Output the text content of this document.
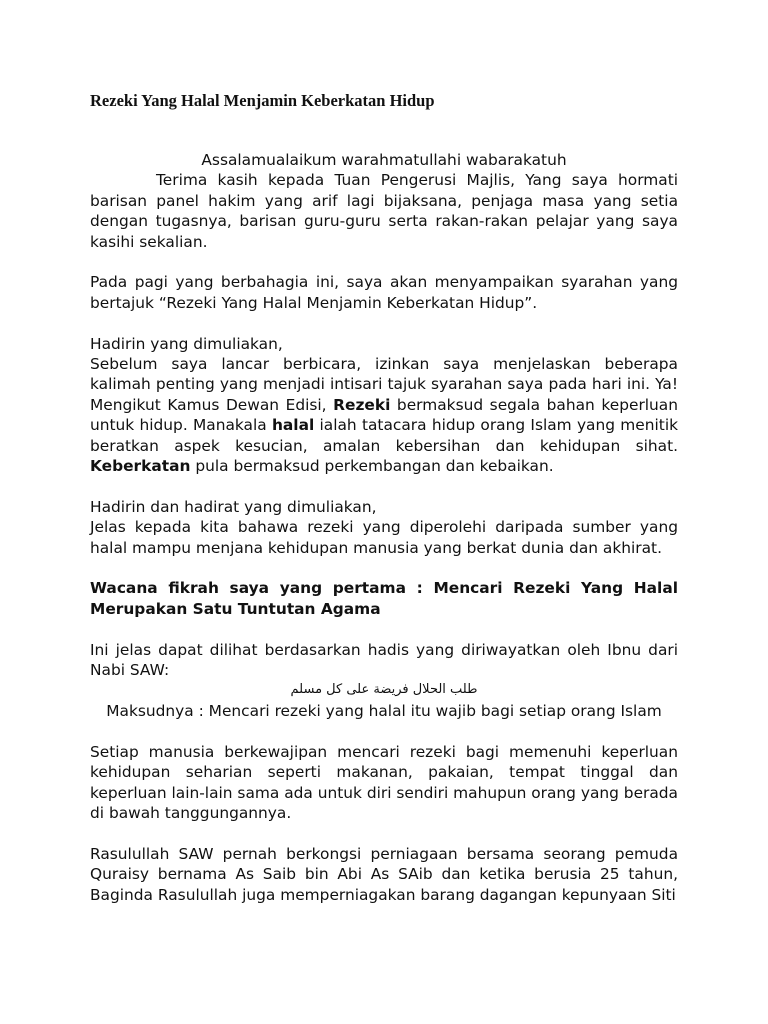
Rezeki Yang Halal Menjamin Keberkatan Hidup

Assalamualaikum warahmatullahi wabarakatuh

Terima kasih kepada Tuan Pengerusi Majlis, Yang saya hormati barisan panel hakim yang arif lagi bijaksana, penjaga masa yang setia dengan tugasnya, barisan guru-guru serta rakan-rakan pelajar yang saya kasihi sekalian.

Pada pagi yang berbahagia ini, saya akan menyampaikan syarahan yang bertajuk “Rezeki Yang Halal Menjamin Keberkatan Hidup”.

Hadirin yang dimuliakan,

Sebelum saya lancar berbicara, izinkan saya menjelaskan beberapa kalimah penting yang menjadi intisari tajuk syarahan saya pada hari ini. Ya! Mengikut Kamus Dewan Edisi, Rezeki bermaksud segala bahan keperluan untuk hidup. Manakala halal ialah tatacara hidup orang Islam yang menitik beratkan aspek kesucian, amalan kebersihan dan kehidupan sihat. Keberkatan pula bermaksud perkembangan dan kebaikan.

Hadirin dan hadirat yang dimuliakan,

Jelas kepada kita bahawa rezeki yang diperolehi daripada sumber yang halal mampu menjana kehidupan manusia yang berkat dunia dan akhirat.

Wacana fikrah saya yang pertama : Mencari Rezeki Yang Halal Merupakan Satu Tuntutan Agama

Ini jelas dapat dilihat berdasarkan hadis yang diriwayatkan oleh Ibnu dari Nabi SAW:

طلب الحلال فريضة على كل مسلم

Maksudnya : Mencari rezeki yang halal itu wajib bagi setiap orang Islam

Setiap manusia berkewajipan mencari rezeki bagi memenuhi keperluan kehidupan seharian seperti makanan, pakaian, tempat tinggal dan keperluan lain-lain sama ada untuk diri sendiri mahupun orang yang berada di bawah tanggungannya.

Rasulullah SAW pernah berkongsi perniagaan bersama seorang pemuda Quraisy bernama As Saib bin Abi As SAib dan ketika berusia 25 tahun, Baginda Rasulullah juga memperniagakan barang dagangan kepunyaan Siti
